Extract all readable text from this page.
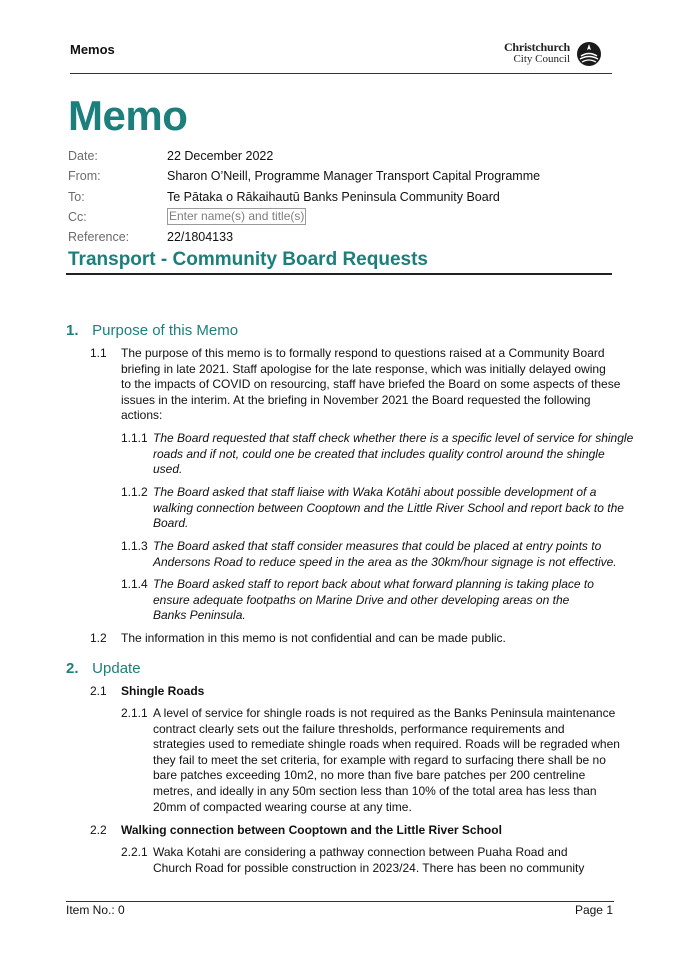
Memos	Christchurch
City Council
Memo
Date:	22 December 2022
From:	Sharon O’Neill, Programme Manager Transport Capital Programme
To:	Te Pātaka o Rākaihautū Banks Peninsula Community Board
Cc:	Enter name(s) and title(s)
Reference:	22/1804133
Transport - Community Board Requests
1. Purpose of this Memo
1.1 The purpose of this memo is to formally respond to questions raised at a Community Board
briefing in late 2021. Staff apologise for the late response, which was initially delayed owing
to the impacts of COVID on resourcing, staff have briefed the Board on some aspects of these
issues in the interim. At the briefing in November 2021 the Board requested the following
actions:
1.1.1 The Board requested that staff check whether there is a specific level of service for shingle
roads and if not, could one be created that includes quality control around the shingle
used.
1.1.2 The Board asked that staff liaise with Waka Kotāhi about possible development of a
walking connection between Cooptown and the Little River School and report back to the
Board.
1.1.3 The Board asked that staff consider measures that could be placed at entry points to
Andersons Road to reduce speed in the area as the 30km/hour signage is not effective.
1.1.4 The Board asked staff to report back about what forward planning is taking place to
ensure adequate footpaths on Marine Drive and other developing areas on the
Banks Peninsula.
1.2 The information in this memo is not confidential and can be made public.
2. Update
2.1 Shingle Roads
2.1.1 A level of service for shingle roads is not required as the Banks Peninsula maintenance
contract clearly sets out the failure thresholds, performance requirements and
strategies used to remediate shingle roads when required. Roads will be regraded when
they fail to meet the set criteria, for example with regard to surfacing there shall be no
bare patches exceeding 10m2, no more than five bare patches per 200 centreline
metres, and ideally in any 50m section less than 10% of the total area has less than
20mm of compacted wearing course at any time.
2.2 Walking connection between Cooptown and the Little River School
2.2.1 Waka Kotahi are considering a pathway connection between Puaha Road and
Church Road for possible construction in 2023/24. There has been no community
Item No.: 0	Page 1
